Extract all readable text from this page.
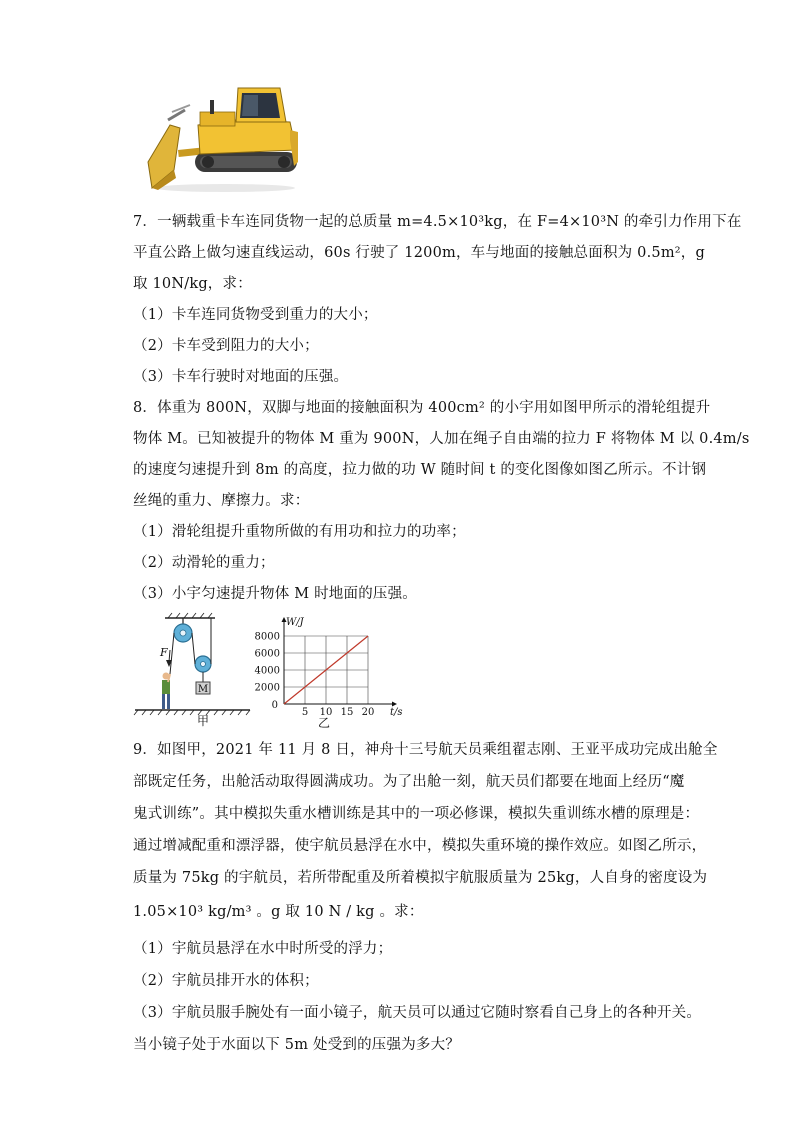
7．一辆载重卡车连同货物一起的总质量 m=4.5×10³kg，在 F=4×10³N 的牵引力作用下在
平直公路上做匀速直线运动，60s 行驶了 1200m，车与地面的接触总面积为 0.5m²，g
取 10N/kg，求：
（1）卡车连同货物受到重力的大小；
（2）卡车受到阻力的大小；
（3）卡车行驶时对地面的压强。
8．体重为 800N，双脚与地面的接触面积为 400cm² 的小宇用如图甲所示的滑轮组提升
物体 M。已知被提升的物体 M 重为 900N，人加在绳子自由端的拉力 F 将物体 M 以 0.4m/s
的速度匀速提升到 8m 的高度，拉力做的功 W 随时间 t 的变化图像如图乙所示。不计钢
丝绳的重力、摩擦力。求：
（1）滑轮组提升重物所做的有用功和拉力的功率；
（2）动滑轮的重力；
（3）小宇匀速提升物体 M 时地面的压强。
M
F
甲
5 10 15 20
8000
6000
4000
2000
W/J
t/s
0
乙
9．如图甲，2021 年 11 月 8 日，神舟十三号航天员乘组翟志刚、王亚平成功完成出舱全
部既定任务，出舱活动取得圆满成功。为了出舱一刻，航天员们都要在地面上经历“魔
鬼式训练”。其中模拟失重水槽训练是其中的一项必修课，模拟失重训练水槽的原理是：
通过增减配重和漂浮器，使宇航员悬浮在水中，模拟失重环境的操作效应。如图乙所示，
质量为 75kg 的宇航员，若所带配重及所着模拟宇航服质量为 25kg，人自身的密度设为
1.05×10³ kg/m³ 。g 取 10 N / kg 。求：
（1）宇航员悬浮在水中时所受的浮力；
（2）宇航员排开水的体积；
（3）宇航员服手腕处有一面小镜子，航天员可以通过它随时察看自己身上的各种开关。
当小镜子处于水面以下 5m 处受到的压强为多大？
